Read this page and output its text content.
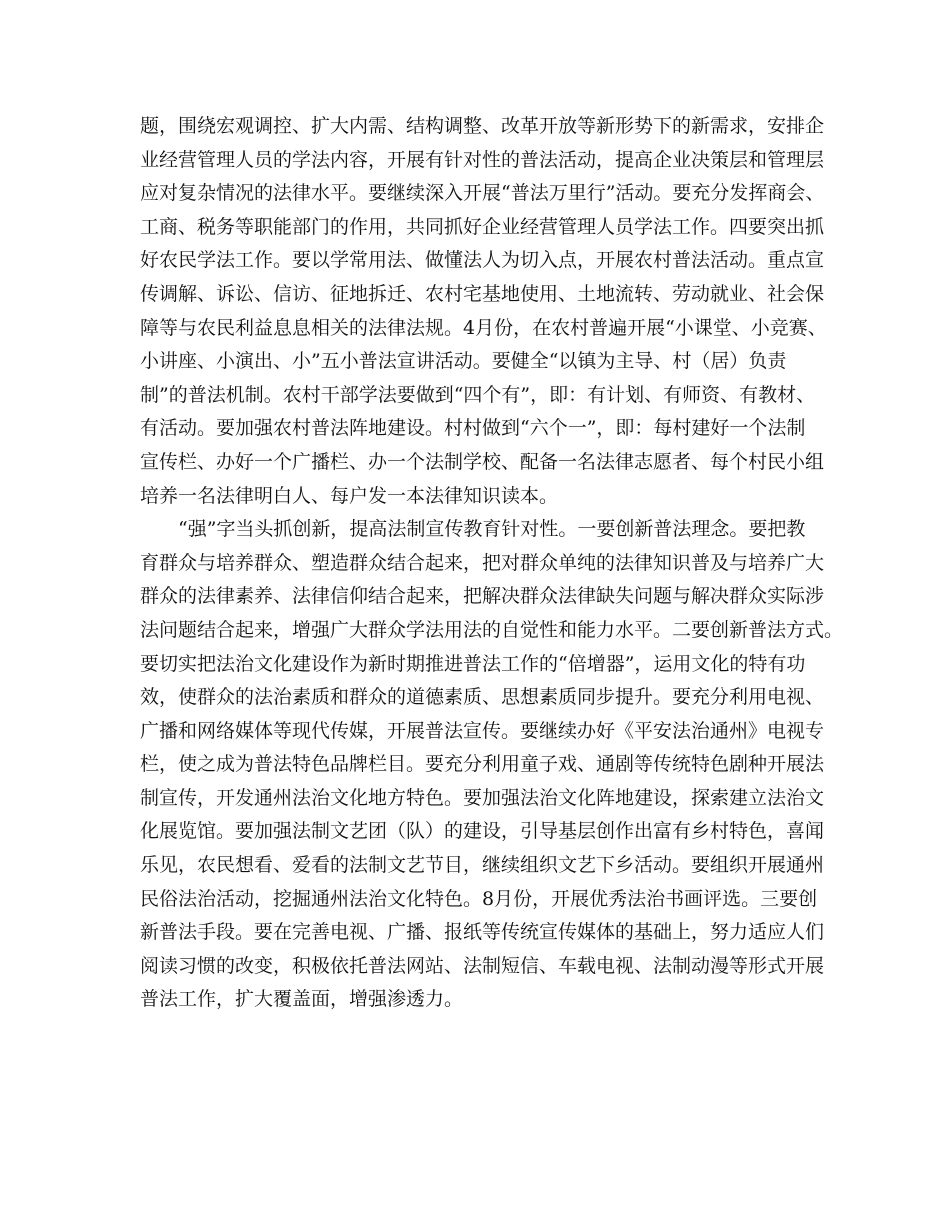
题，围绕宏观调控、扩大内需、结构调整、改革开放等新形势下的新需求，安排企
业经营管理人员的学法内容，开展有针对性的普法活动，提高企业决策层和管理层
应对复杂情况的法律水平。要继续深入开展“普法万里行”活动。要充分发挥商会、
工商、税务等职能部门的作用，共同抓好企业经营管理人员学法工作。四要突出抓
好农民学法工作。要以学常用法、做懂法人为切入点，开展农村普法活动。重点宣
传调解、诉讼、信访、征地拆迁、农村宅基地使用、土地流转、劳动就业、社会保
障等与农民利益息息相关的法律法规。4月份，在农村普遍开展“小课堂、小竞赛、
小讲座、小演出、小”五小普法宣讲活动。要健全“以镇为主导、村（居）负责
制”的普法机制。农村干部学法要做到“四个有”，即：有计划、有师资、有教材、
有活动。要加强农村普法阵地建设。村村做到“六个一”，即：每村建好一个法制
宣传栏、办好一个广播栏、办一个法制学校、配备一名法律志愿者、每个村民小组
培养一名法律明白人、每户发一本法律知识读本。

“强”字当头抓创新，提高法制宣传教育针对性。一要创新普法理念。要把教
育群众与培养群众、塑造群众结合起来，把对群众单纯的法律知识普及与培养广大
群众的法律素养、法律信仰结合起来，把解决群众法律缺失问题与解决群众实际涉
法问题结合起来，增强广大群众学法用法的自觉性和能力水平。二要创新普法方式。
要切实把法治文化建设作为新时期推进普法工作的“倍增器”，运用文化的特有功
效，使群众的法治素质和群众的道德素质、思想素质同步提升。要充分利用电视、
广播和网络媒体等现代传媒，开展普法宣传。要继续办好《平安法治通州》电视专
栏，使之成为普法特色品牌栏目。要充分利用童子戏、通剧等传统特色剧种开展法
制宣传，开发通州法治文化地方特色。要加强法治文化阵地建设，探索建立法治文
化展览馆。要加强法制文艺团（队）的建设，引导基层创作出富有乡村特色，喜闻
乐见，农民想看、爱看的法制文艺节目，继续组织文艺下乡活动。要组织开展通州
民俗法治活动，挖掘通州法治文化特色。8月份，开展优秀法治书画评选。三要创
新普法手段。要在完善电视、广播、报纸等传统宣传媒体的基础上，努力适应人们
阅读习惯的改变，积极依托普法网站、法制短信、车载电视、法制动漫等形式开展
普法工作，扩大覆盖面，增强渗透力。
